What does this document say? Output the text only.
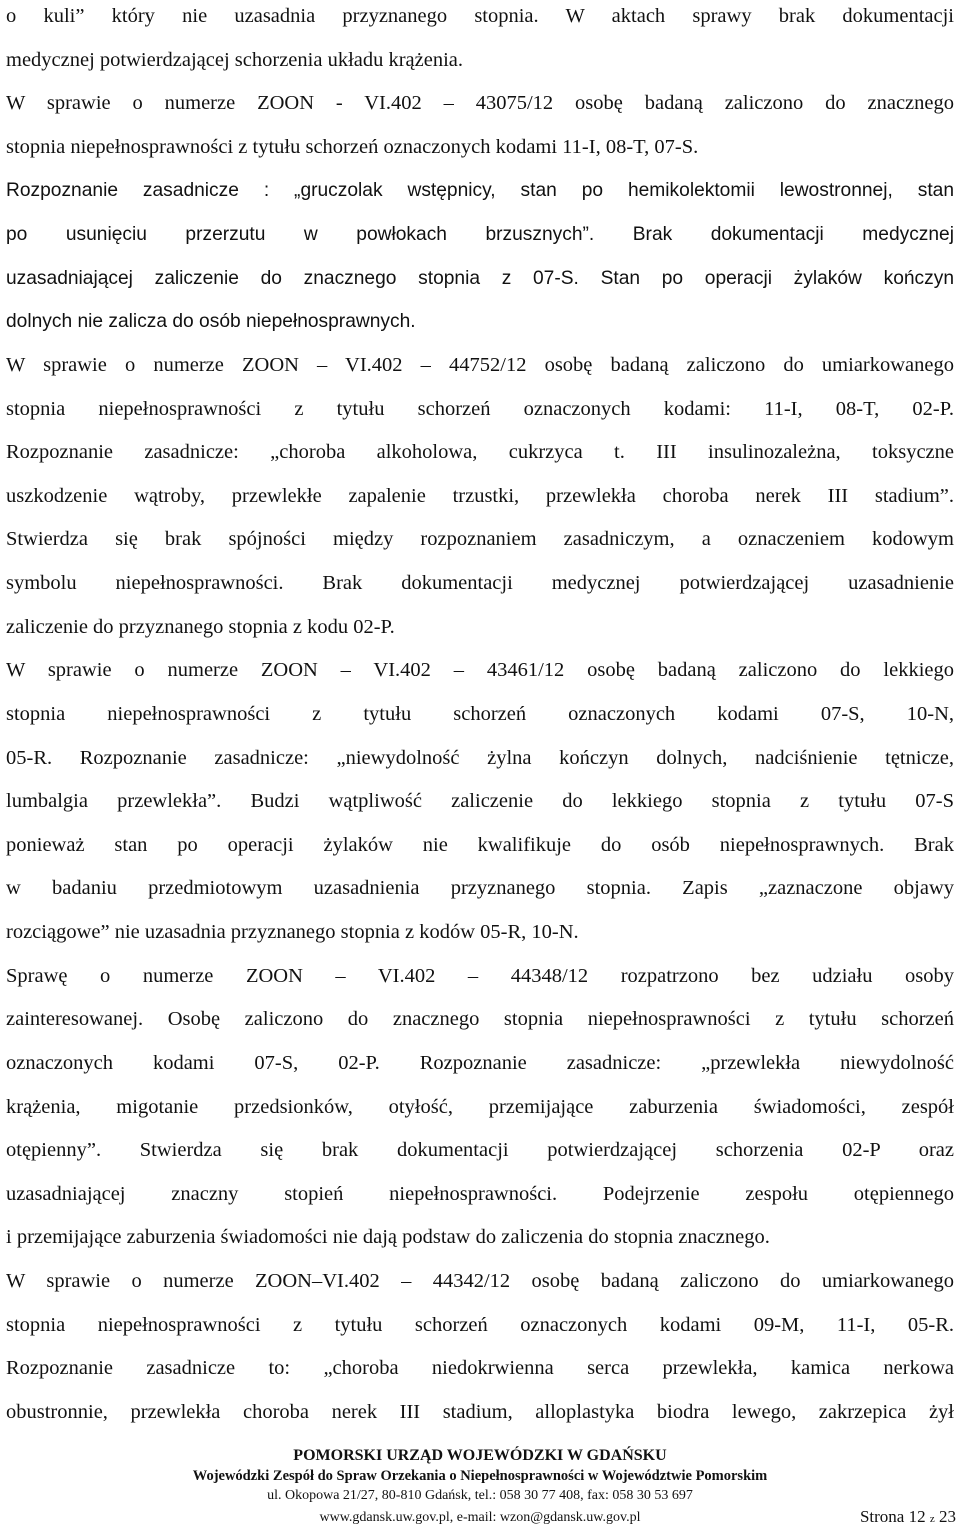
o kuli” który nie uzasadnia przyznanego stopnia. W aktach sprawy brak dokumentacji
medycznej potwierdzającej schorzenia układu krążenia.
W sprawie o numerze ZOON - VI.402 – 43075/12 osobę badaną zaliczono do znacznego
stopnia niepełnosprawności z tytułu schorzeń oznaczonych kodami 11-I, 08-T, 07-S.
Rozpoznanie zasadnicze : „gruczolak wstępnicy, stan po hemikolektomii lewostronnej, stan
po usunięciu przerzutu w powłokach brzusznych”. Brak dokumentacji medycznej
uzasadniającej zaliczenie do znacznego stopnia z 07-S. Stan po operacji żylaków kończyn
dolnych nie zalicza do osób niepełnosprawnych.
W sprawie o numerze ZOON – VI.402 – 44752/12 osobę badaną zaliczono do umiarkowanego
stopnia niepełnosprawności z tytułu schorzeń oznaczonych kodami: 11-I, 08-T, 02-P.
Rozpoznanie zasadnicze: „choroba alkoholowa, cukrzyca t. III insulinozależna, toksyczne
uszkodzenie wątroby, przewlekłe zapalenie trzustki, przewlekła choroba nerek III stadium”.
Stwierdza się brak spójności między rozpoznaniem zasadniczym, a oznaczeniem kodowym
symbolu niepełnosprawności. Brak dokumentacji medycznej potwierdzającej uzasadnienie
zaliczenie do przyznanego stopnia z kodu 02-P.
W sprawie o numerze ZOON – VI.402 – 43461/12 osobę badaną zaliczono do lekkiego
stopnia niepełnosprawności z tytułu schorzeń oznaczonych kodami 07-S, 10-N,
05-R. Rozpoznanie zasadnicze: „niewydolność żylna kończyn dolnych, nadciśnienie tętnicze,
lumbalgia przewlekła”. Budzi wątpliwość zaliczenie do lekkiego stopnia z tytułu 07-S
ponieważ stan po operacji żylaków nie kwalifikuje do osób niepełnosprawnych. Brak
w badaniu przedmiotowym uzasadnienia przyznanego stopnia. Zapis „zaznaczone objawy
rozciągowe” nie uzasadnia przyznanego stopnia z kodów 05-R, 10-N.
Sprawę o numerze ZOON – VI.402 – 44348/12 rozpatrzono bez udziału osoby
zainteresowanej. Osobę zaliczono do znacznego stopnia niepełnosprawności z tytułu schorzeń
oznaczonych kodami 07-S, 02-P. Rozpoznanie zasadnicze: „przewlekła niewydolność
krążenia, migotanie przedsionków, otyłość, przemijające zaburzenia świadomości, zespół
otępienny”. Stwierdza się brak dokumentacji potwierdzającej schorzenia 02-P oraz
uzasadniającej znaczny stopień niepełnosprawności. Podejrzenie zespołu otępiennego
i przemijające zaburzenia świadomości nie dają podstaw do zaliczenia do stopnia znacznego.
W sprawie o numerze ZOON–VI.402 – 44342/12 osobę badaną zaliczono do umiarkowanego
stopnia niepełnosprawności z tytułu schorzeń oznaczonych kodami 09-M, 11-I, 05-R.
Rozpoznanie zasadnicze to: „choroba niedokrwienna serca przewlekła, kamica nerkowa
obustronnie, przewlekła choroba nerek III stadium, alloplastyka biodra lewego, zakrzepica żył
POMORSKI URZĄD WOJEWÓDZKI W GDAŃSKU
Wojewódzki Zespół do Spraw Orzekania o Niepełnosprawności w Województwie Pomorskim
ul. Okopowa 21/27, 80-810 Gdańsk, tel.: 058 30 77 408, fax: 058 30 53 697
www.gdansk.uw.gov.pl, e-mail: wzon@gdansk.uw.gov.pl	Strona 12 z 23
